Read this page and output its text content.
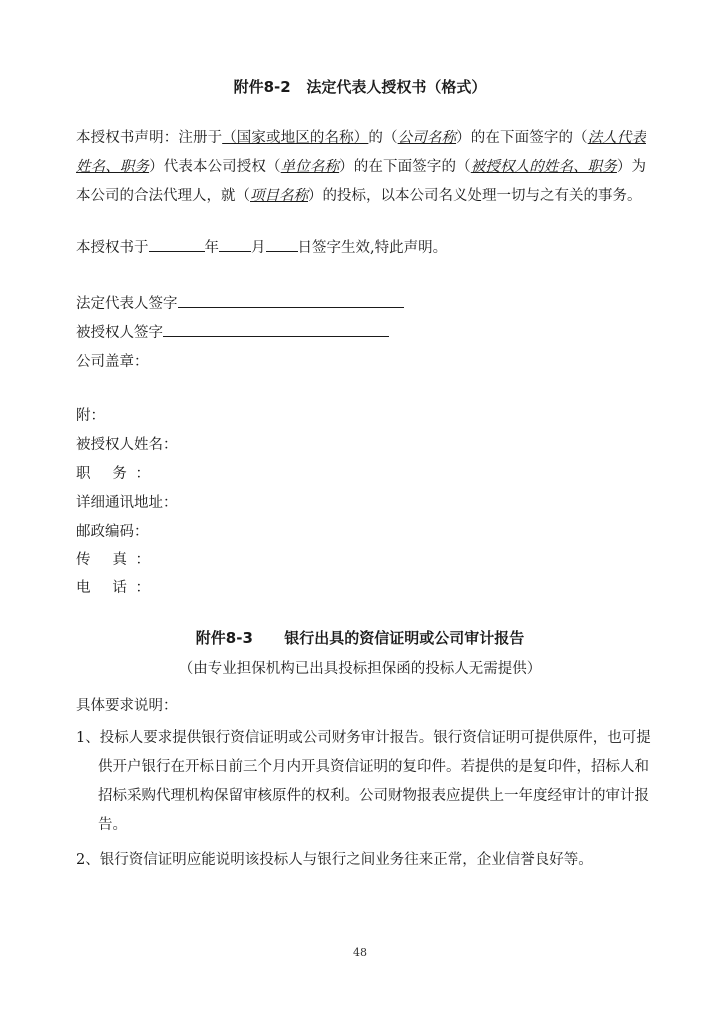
附件8-2   法定代表人授权书（格式）
本授权书声明：注册于（国家或地区的名称）的（公司名称）的在下面签字的（法人代表
姓名、职务）代表本公司授权（单位名称）的在下面签字的（被授权人的姓名、职务）为
本公司的合法代理人，就（项目名称）的投标，以本公司名义处理一切与之有关的事务。
本授权书于	年 月 日签字生效,特此声明。
法定代表人签字
被授权人签字
公司盖章：
附：
被授权人姓名：
职 务：
详细通讯地址：
邮政编码：
传 真：
电 话：
附件8-3      银行出具的资信证明或公司审计报告
（由专业担保机构已出具投标担保函的投标人无需提供）
具体要求说明：
1、投标人要求提供银行资信证明或公司财务审计报告。银行资信证明可提供原件，也可提
供开户银行在开标日前三个月内开具资信证明的复印件。若提供的是复印件，招标人和
招标采购代理机构保留审核原件的权利。公司财物报表应提供上一年度经审计的审计报
告。
2、银行资信证明应能说明该投标人与银行之间业务往来正常，企业信誉良好等。
48
